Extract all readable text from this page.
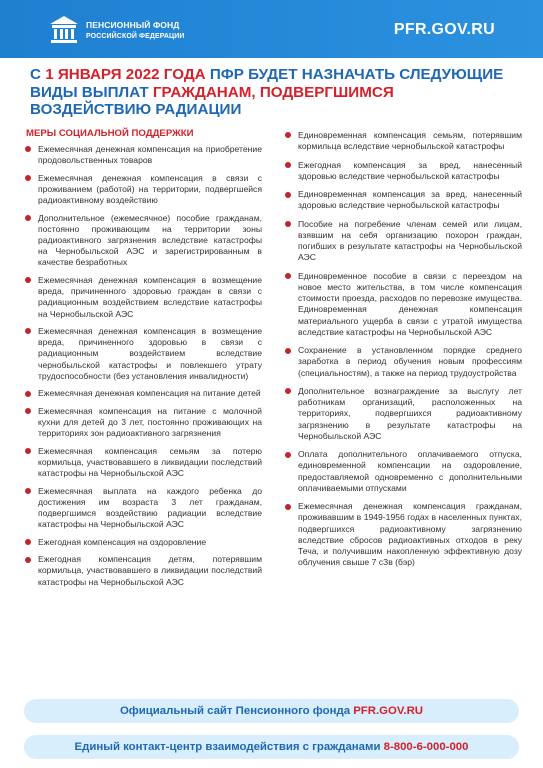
ПЕНСИОННЫЙ ФОНД
РОССИЙСКОЙ ФЕДЕРАЦИИ	PFR.GOV.RU
С 1 ЯНВАРЯ 2022 ГОДА ПФР БУДЕТ НАЗНАЧАТЬ СЛЕДУЮЩИЕ ВИДЫ ВЫПЛАТ ГРАЖДАНАМ, ПОДВЕРГШИМСЯ ВОЗДЕЙСТВИЮ РАДИАЦИИ
МЕРЫ СОЦИАЛЬНОЙ ПОДДЕРЖКИ
Ежемесячная денежная компенсация на приобретение продовольственных товаров
Ежемесячная денежная компенсация в связи с проживанием (работой) на территории, подвергшейся радиоактивному воздействию
Дополнительное (ежемесячное) пособие гражданам, постоянно проживающим на территории зоны радиоактивного загрязнения вследствие катастрофы на Чернобыльской АЭС и зарегистрированным в качестве безработных
Ежемесячная денежная компенсация в возмещение вреда, причиненного здоровью граждан в связи с радиационным воздействием вследствие катастрофы на Чернобыльской АЭС
Ежемесячная денежная компенсация в возмещение вреда, причиненного здоровью в связи с радиационным воздействием вследствие чернобыльской катастрофы и повлекшего утрату трудоспособности (без установления инвалидности)
Ежемесячная денежная компенсация на питание детей
Ежемесячная компенсация на питание с молочной кухни для детей до 3 лет, постоянно проживающих на территориях зон радиоактивного загрязнения
Ежемесячная компенсация семьям за потерю кормильца, участвовавшего в ликвидации последствий катастрофы на Чернобыльской АЭС
Ежемесячная выплата на каждого ребенка до достижения им возраста 3 лет гражданам, подвергшимся воздействию радиации вследствие катастрофы на Чернобыльской АЭС
Ежегодная компенсация на оздоровление
Ежегодная компенсация детям, потерявшим кормильца, участвовавшего в ликвидации последствий катастрофы на Чернобыльской АЭС
Единовременная компенсация семьям, потерявшим кормильца вследствие чернобыльской катастрофы
Ежегодная компенсация за вред, нанесенный здоровью вследствие чернобыльской катастрофы
Единовременная компенсация за вред, нанесенный здоровью вследствие чернобыльской катастрофы
Пособие на погребение членам семей или лицам, взявшим на себя организацию похорон граждан, погибших в результате катастрофы на Чернобыльской АЭС
Единовременное пособие в связи с переездом на новое место жительства, в том числе компенсация стоимости проезда, расходов по перевозке имущества. Единовременная денежная компенсация материального ущерба в связи с утратой имущества вследствие катастрофы на Чернобыльской АЭС
Сохранение в установленном порядке среднего заработка в период обучения новым профессиям (специальностям), а также на период трудоустройства
Дополнительное вознаграждение за выслугу лет работникам организаций, расположенных на территориях, подвергшихся радиоактивному загрязнению в результате катастрофы на Чернобыльской АЭС
Оплата дополнительного оплачиваемого отпуска, единовременной компенсации на оздоровление, предоставляемой одновременно с дополнительными оплачиваемыми отпусками
Ежемесячная денежная компенсация гражданам, проживавшим в 1949-1956 годах в населенных пунктах, подвергшихся радиоактивному загрязнению вследствие сбросов радиоактивных отходов в реку Теча, и получившим накопленную эффективную дозу облучения свыше 7 сЗв (бэр)
Официальный сайт Пенсионного фонда PFR.GOV.RU
Единый контакт-центр взаимодействия с гражданами 8-800-6-000-000
